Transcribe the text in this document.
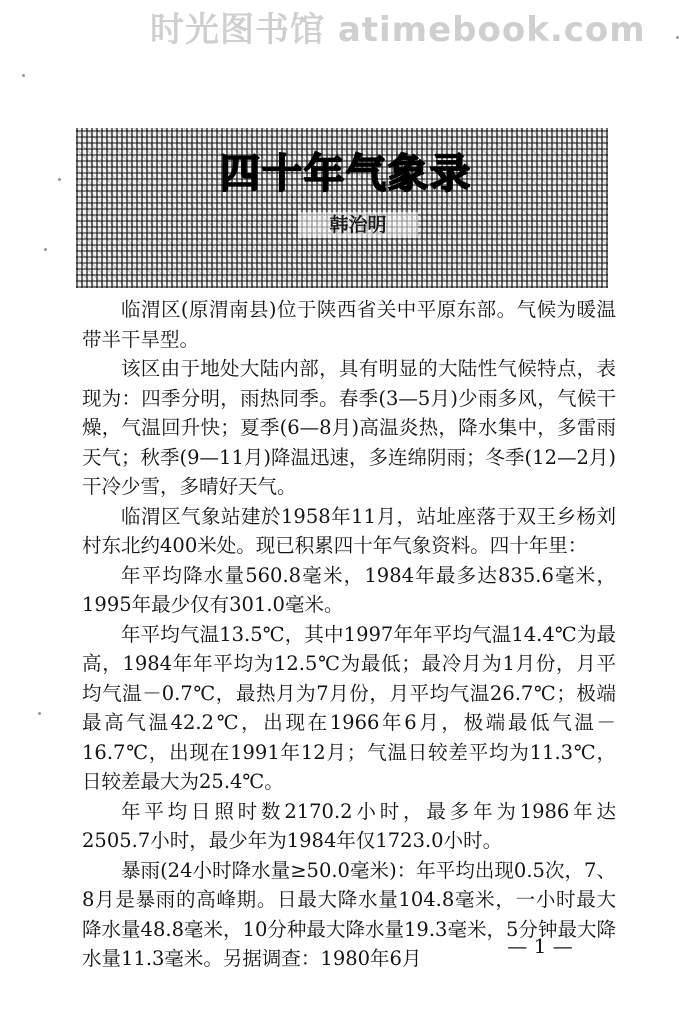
时光图书馆 atimebook.com
四十年气象录
韩治明

临渭区(原渭南县)位于陕西省关中平原东部。气候为暖温带半干旱型。

该区由于地处大陆内部，具有明显的大陆性气候特点，表现为：四季分明，雨热同季。春季(3—5月)少雨多风，气候干燥，气温回升快；夏季(6—8月)高温炎热，降水集中，多雷雨天气；秋季(9—11月)降温迅速，多连绵阴雨；冬季(12—2月)干冷少雪，多晴好天气。

临渭区气象站建於1958年11月，站址座落于双王乡杨刘村东北约400米处。现已积累四十年气象资料。四十年里：

年平均降水量560.8毫米，1984年最多达835.6毫米，1995年最少仅有301.0毫米。

年平均气温13.5℃，其中1997年年平均气温14.4℃为最高，1984年年平均为12.5℃为最低；最冷月为1月份，月平均气温－0.7℃，最热月为7月份，月平均气温26.7℃；极端最高气温42.2℃，出现在1966年6月，极端最低气温－16.7℃，出现在1991年12月；气温日较差平均为11.3℃，日较差最大为25.4℃。

年平均日照时数2170.2小时，最多年为1986年达2505.7小时，最少年为1984年仅1723.0小时。

暴雨(24小时降水量≥50.0毫米)：年平均出现0.5次，7、8月是暴雨的高峰期。日最大降水量104.8毫米，一小时最大降水量48.8毫米，10分种最大降水量19.3毫米，5分钟最大降水量11.3毫米。另据调查：1980年6月

— 1 —
